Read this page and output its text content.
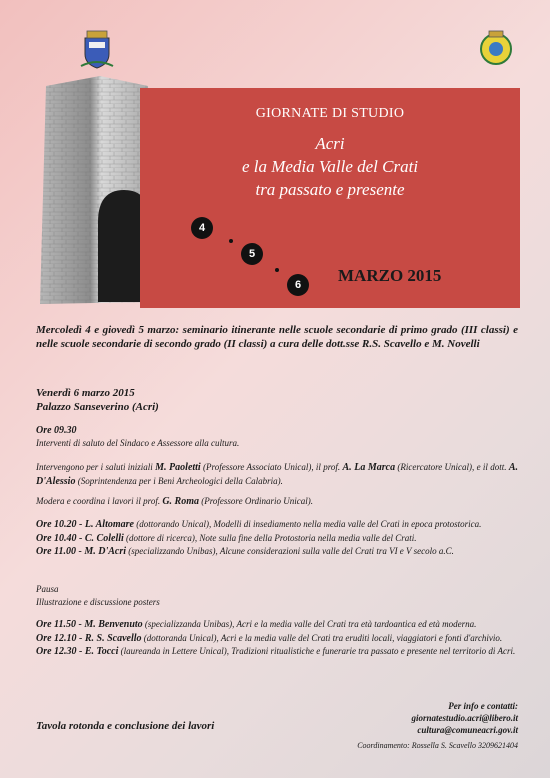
GIORNATE DI STUDIO
Acri
e la Media Valle del Crati
tra passato e presente
MARZO 2015
4
5
6
Mercoledì 4 e giovedì 5 marzo: seminario itinerante nelle scuole secondarie di primo grado (III classi) e nelle scuole secondarie di secondo grado (II classi) a cura delle dott.sse R.S. Scavello e M. Novelli
Venerdì 6 marzo 2015
Palazzo Sanseverino (Acri)
Ore 09.30
Interventi di saluto del Sindaco e Assessore alla cultura.
Intervengono per i saluti iniziali M. Paoletti (Professore Associato Unical), il prof. A. La Marca (Ricercatore Unical), e il dott. A. D'Alessio (Soprintendenza per i Beni Archeologici della Calabria).
Modera e coordina i lavori il prof. G. Roma (Professore Ordinario Unical).
Ore 10.20 - L. Altomare (dottorando Unical), Modelli di insediamento nella media valle del Crati in epoca protostorica.
Ore 10.40 - C. Colelli (dottore di ricerca), Note sulla fine della Protostoria nella media valle del Crati.
Ore 11.00 - M. D'Acri (specializzando Unibas), Alcune considerazioni sulla valle del Crati tra VI e V secolo a.C.
Pausa
Illustrazione e discussione posters
Ore 11.50 - M. Benvenuto (specializzanda Unibas), Acri e la media valle del Crati tra età tardoantica ed età moderna.
Ore 12.10 - R. S. Scavello (dottoranda Unical), Acri e la media valle del Crati tra eruditi locali, viaggiatori e fonti d'archivio.
Ore 12.30 - E. Tocci (laureanda in Lettere Unical), Tradizioni ritualistiche e funerarie tra passato e presente nel territorio di Acri.
Per info e contatti:
giornatestudio.acri@libero.it
cultura@comuneacri.gov.it
Tavola rotonda e conclusione dei lavori
Coordinamento: Rossella S. Scavello 3209621404
